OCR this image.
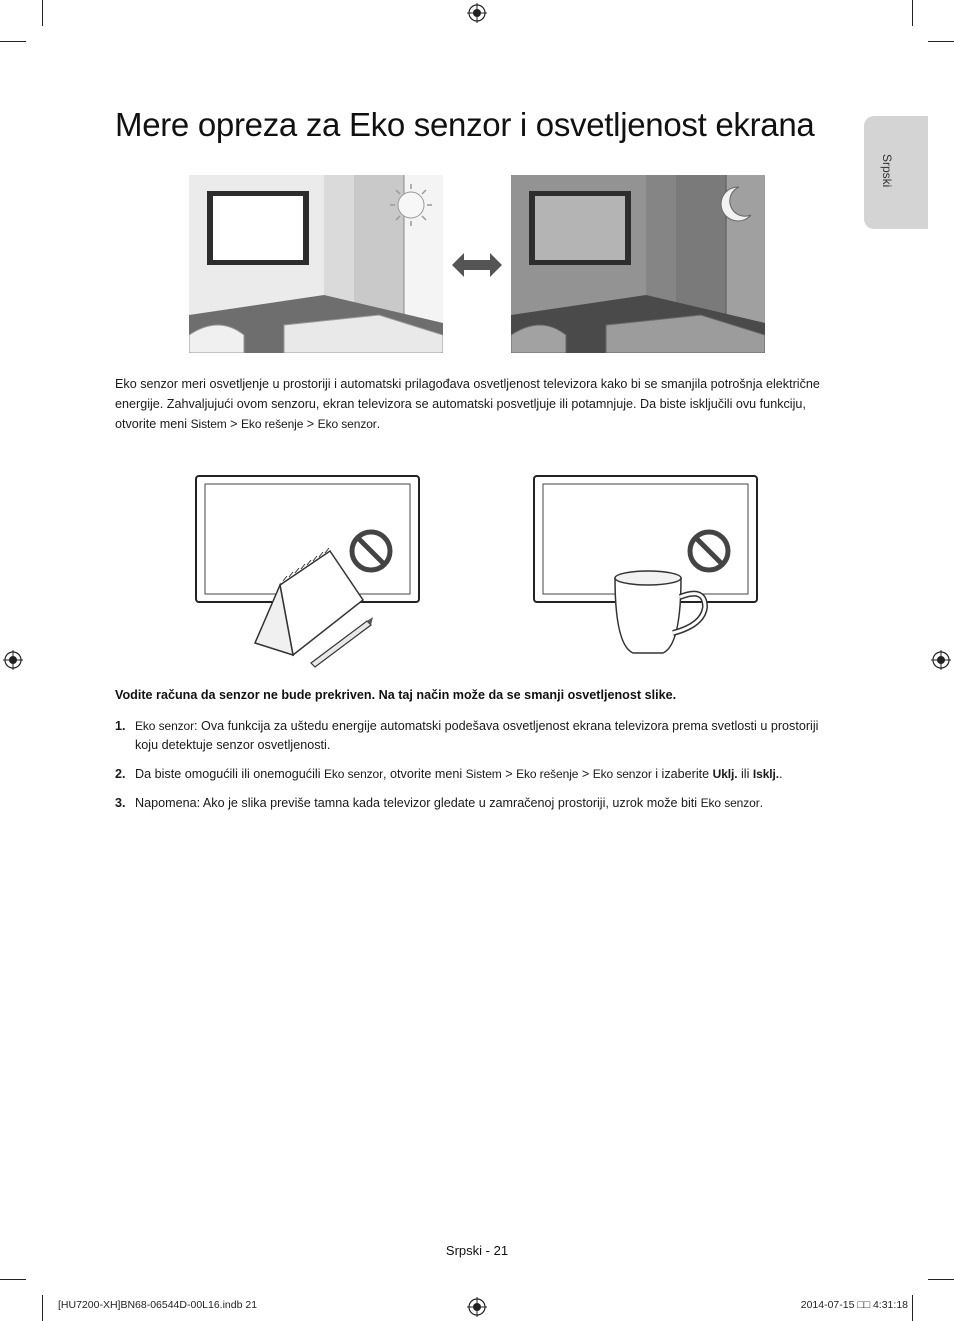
Srpski
Mere opreza za Eko senzor i osvetljenost ekrana
Eko senzor meri osvetljenje u prostoriji i automatski prilagođava osvetljenost televizora kako bi se smanjila potrošnja električne energije. Zahvaljujući ovom senzoru, ekran televizora se automatski posvetljuje ili potamnjuje. Da biste isključili ovu funkciju, otvorite meni Sistem > Eko rešenje > Eko senzor.
Vodite računa da senzor ne bude prekriven. Na taj način može da se smanji osvetljenost slike.
1. Eko senzor: Ova funkcija za uštedu energije automatski podešava osvetljenost ekrana televizora prema svetlosti u prostoriji koju detektuje senzor osvetljenosti.
2. Da biste omogućili ili onemogućili Eko senzor, otvorite meni Sistem > Eko rešenje > Eko senzor i izaberite Uklj. ili Isklj..
3. Napomena: Ako je slika previše tamna kada televizor gledate u zamračenoj prostoriji, uzrok može biti Eko senzor.
Srpski - 21
[HU7200-XH]BN68-06544D-00L16.indb 21	2014-07-15 □□ 4:31:18
